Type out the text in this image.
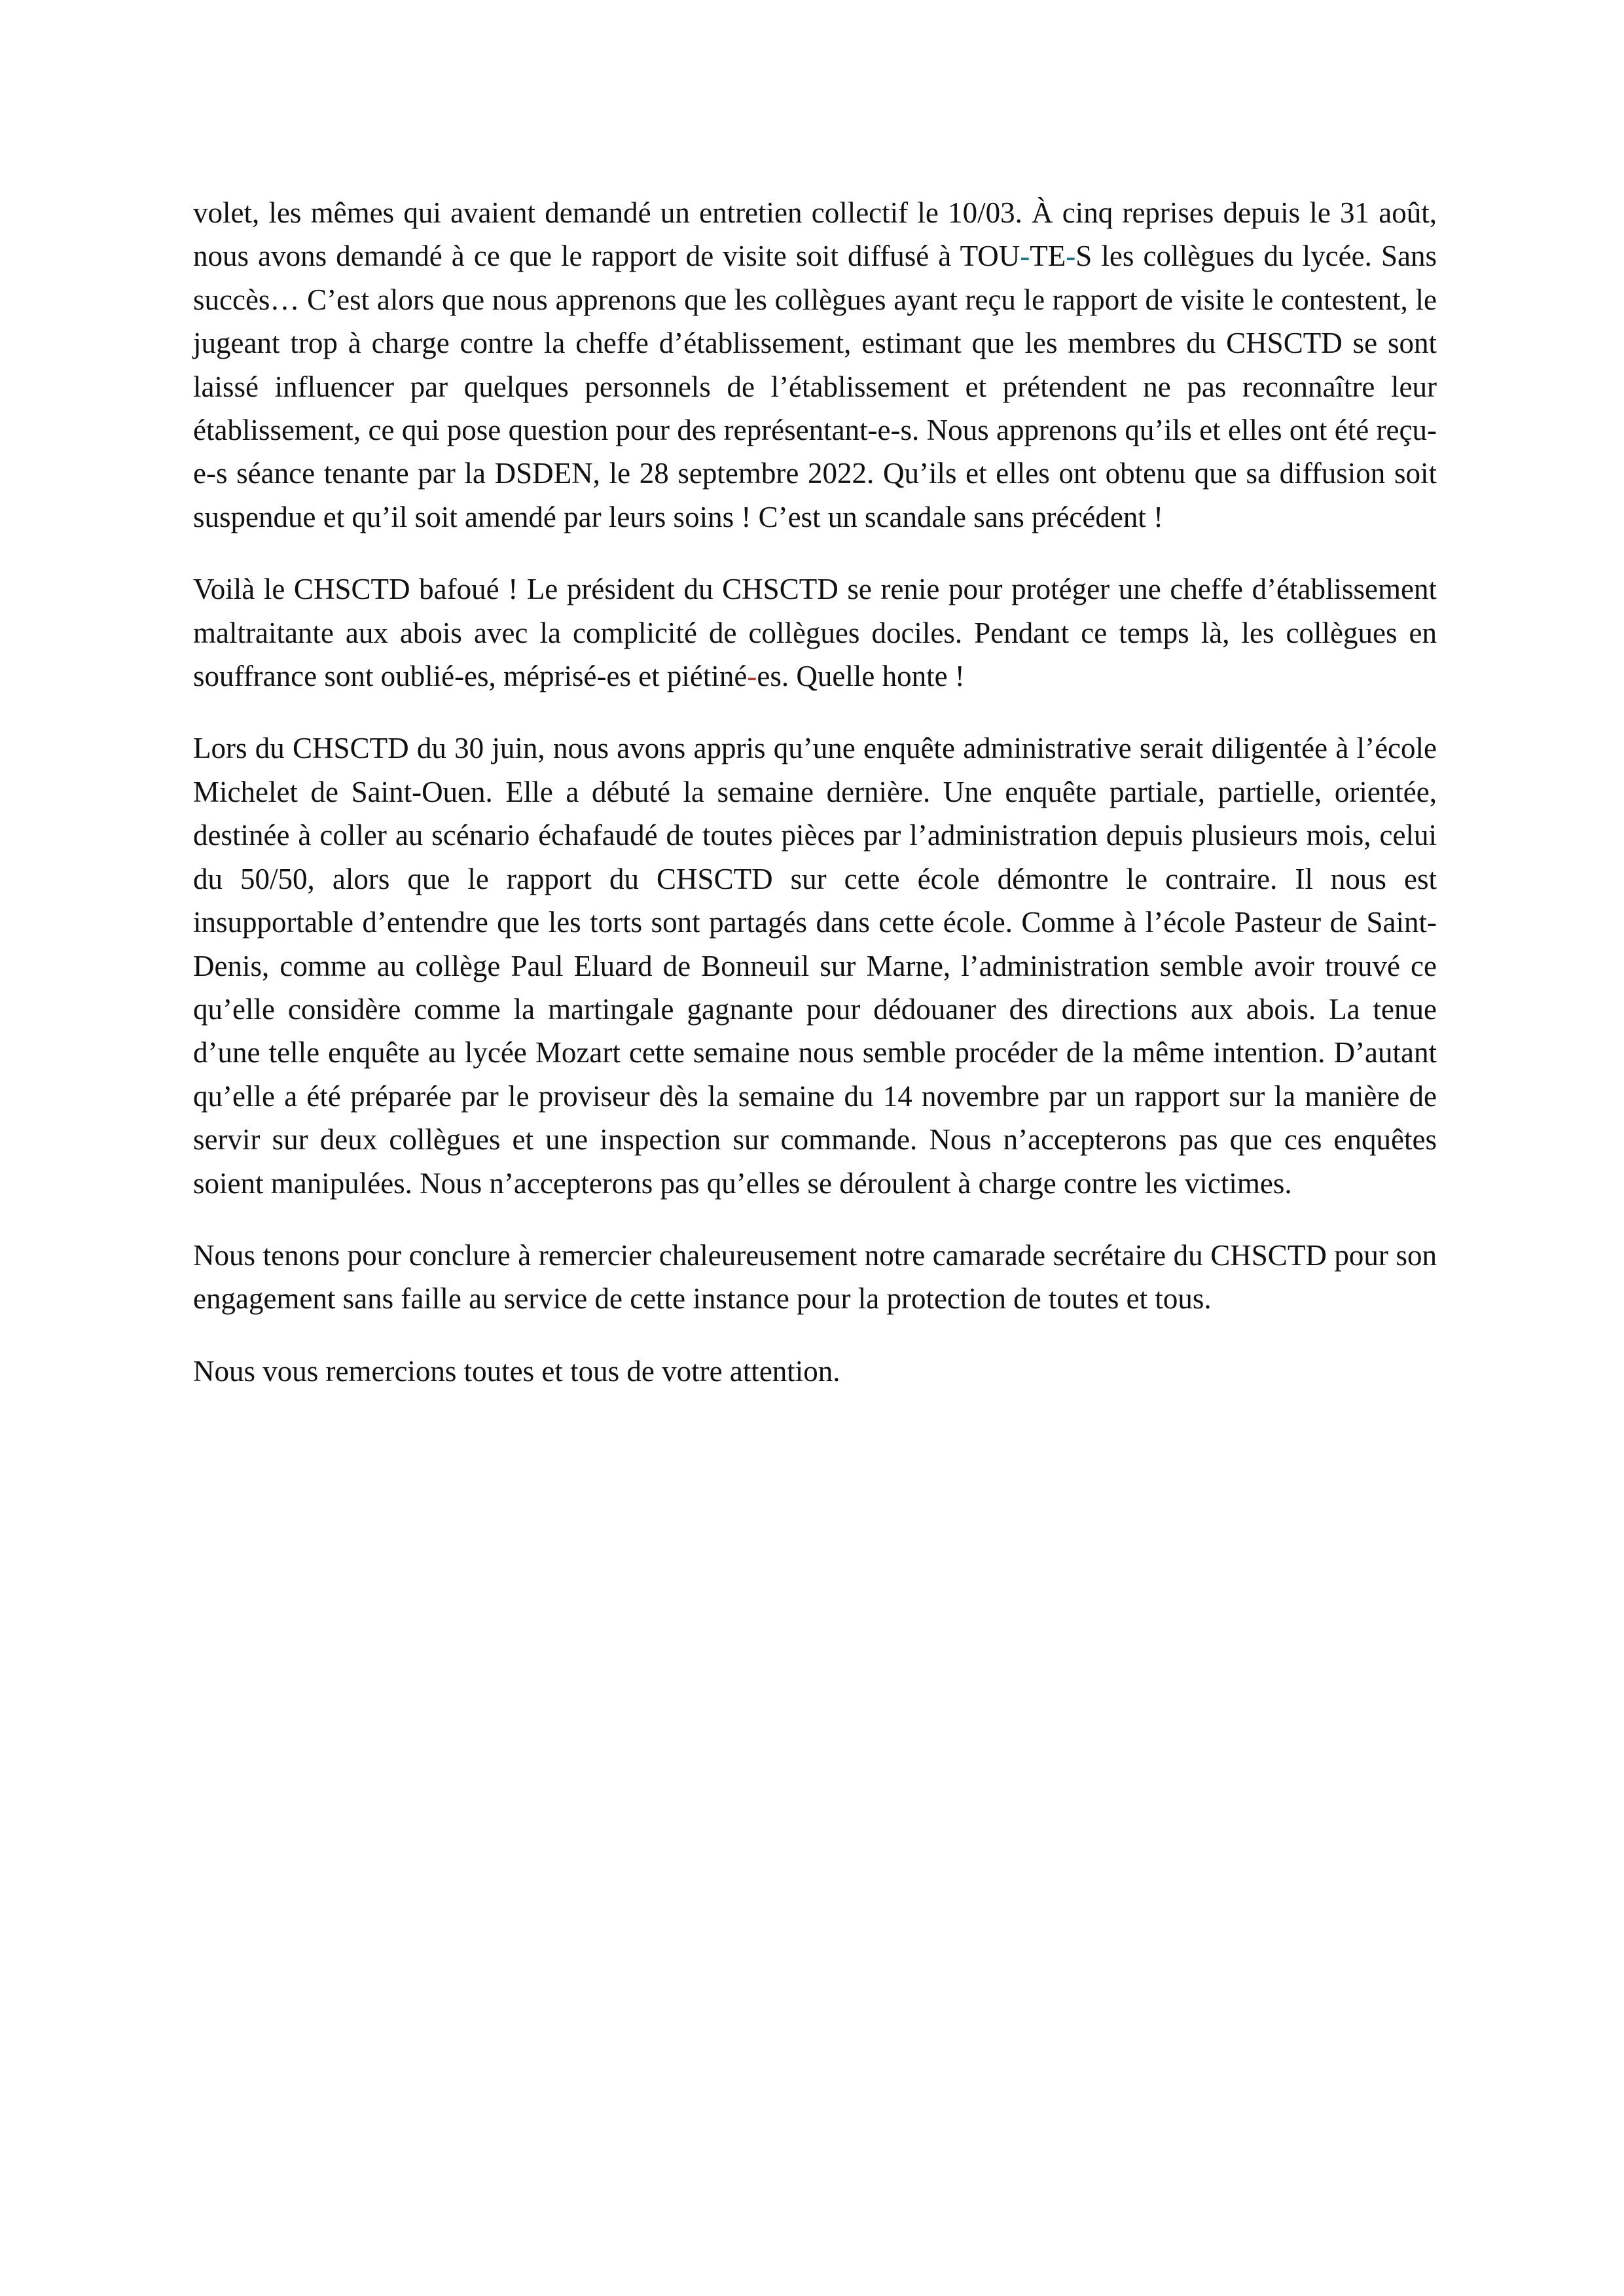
volet, les mêmes qui avaient demandé un entretien collectif le 10/03. À cinq reprises depuis le 31 août, nous avons demandé à ce que le rapport de visite soit diffusé à TOU-TE-S les collègues du lycée. Sans succès… C’est alors que nous apprenons que les collègues ayant reçu le rapport de visite le contestent, le jugeant trop à charge contre la cheffe d’établissement, estimant que les membres du CHSCTD se sont laissé influencer par quelques personnels de l’établissement et prétendent ne pas reconnaître leur établissement, ce qui pose question pour des représentant-e-s. Nous apprenons qu’ils et elles ont été reçu-e-s séance tenante par la DSDEN, le 28 septembre 2022. Qu’ils et elles ont obtenu que sa diffusion soit suspendue et qu’il soit amendé par leurs soins ! C’est un scandale sans précédent !

Voilà le CHSCTD bafoué ! Le président du CHSCTD se renie pour protéger une cheffe d’établissement maltraitante aux abois avec la complicité de collègues dociles. Pendant ce temps là, les collègues en souffrance sont oublié-es, méprisé-es et piétiné-es. Quelle honte !

Lors du CHSCTD du 30 juin, nous avons appris qu’une enquête administrative serait diligentée à l’école Michelet de Saint-Ouen. Elle a débuté la semaine dernière. Une enquête partiale, partielle, orientée, destinée à coller au scénario échafaudé de toutes pièces par l’administration depuis plusieurs mois, celui du 50/50, alors que le rapport du CHSCTD sur cette école démontre le contraire. Il nous est insupportable d’entendre que les torts sont partagés dans cette école. Comme à l’école Pasteur de Saint-Denis, comme au collège Paul Eluard de Bonneuil sur Marne, l’administration semble avoir trouvé ce qu’elle considère comme la martingale gagnante pour dédouaner des directions aux abois. La tenue d’une telle enquête au lycée Mozart cette semaine nous semble procéder de la même intention. D’autant qu’elle a été préparée par le proviseur dès la semaine du 14 novembre par un rapport sur la manière de servir sur deux collègues et une inspection sur commande. Nous n’accepterons pas que ces enquêtes soient manipulées. Nous n’accepterons pas qu’elles se déroulent à charge contre les victimes.

Nous tenons pour conclure à remercier chaleureusement notre camarade secrétaire du CHSCTD pour son engagement sans faille au service de cette instance pour la protection de toutes et tous.

Nous vous remercions toutes et tous de votre attention.
